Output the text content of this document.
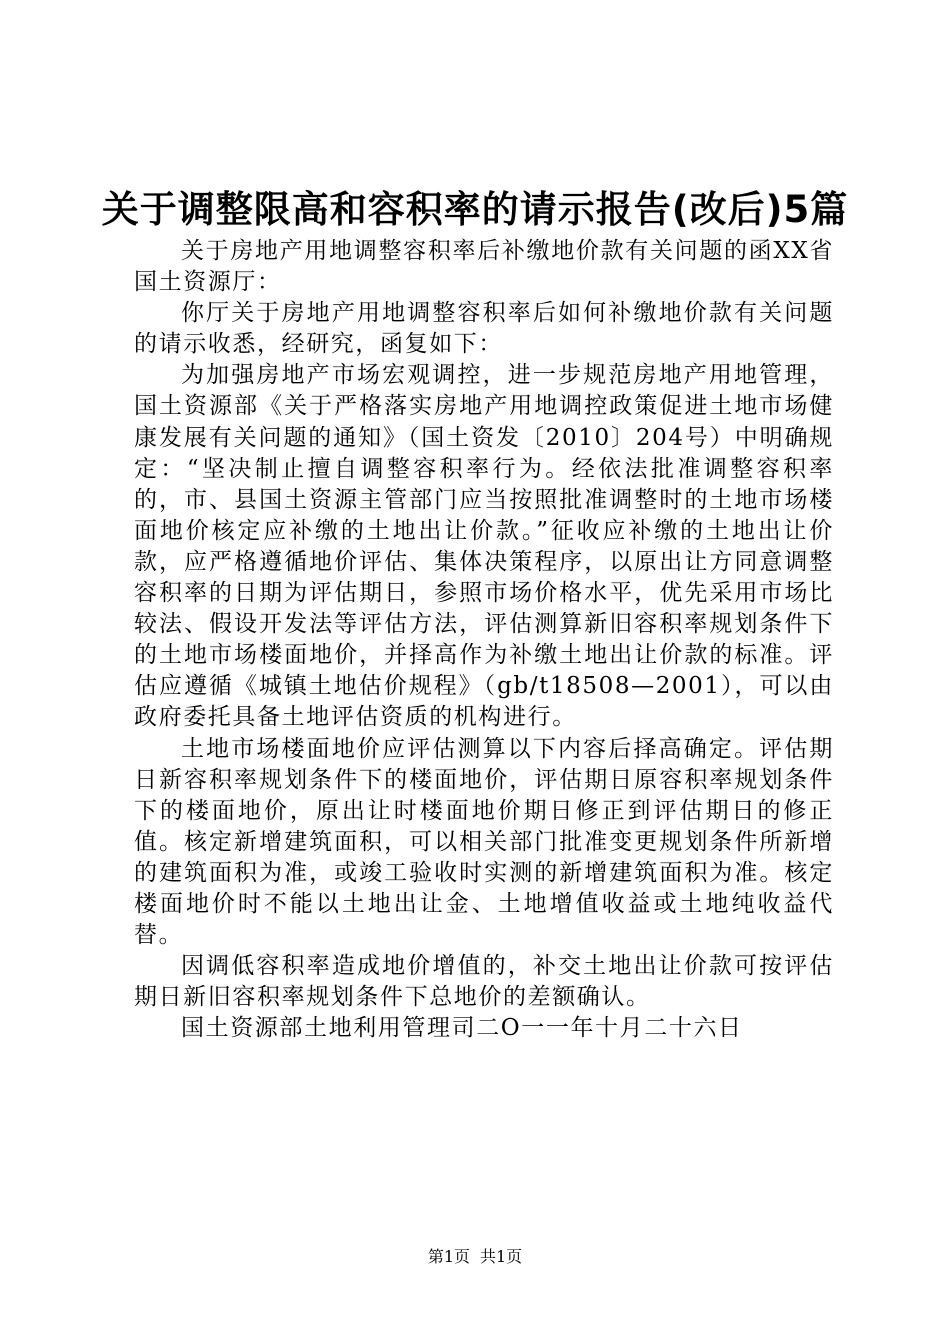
关于调整限高和容积率的请示报告(改后)5篇

关于房地产用地调整容积率后补缴地价款有关问题的函XX省国土资源厅：

你厅关于房地产用地调整容积率后如何补缴地价款有关问题的请示收悉，经研究，函复如下：

为加强房地产市场宏观调控，进一步规范房地产用地管理，国土资源部《关于严格落实房地产用地调控政策促进土地市场健康发展有关问题的通知》（国土资发〔2010〕204号）中明确规定：“坚决制止擅自调整容积率行为。经依法批准调整容积率的，市、县国土资源主管部门应当按照批准调整时的土地市场楼面地价核定应补缴的土地出让价款。”征收应补缴的土地出让价款，应严格遵循地价评估、集体决策程序，以原出让方同意调整容积率的日期为评估期日，参照市场价格水平，优先采用市场比较法、假设开发法等评估方法，评估测算新旧容积率规划条件下的土地市场楼面地价，并择高作为补缴土地出让价款的标准。评估应遵循《城镇土地估价规程》（gb/t18508—2001），可以由政府委托具备土地评估资质的机构进行。

土地市场楼面地价应评估测算以下内容后择高确定。评估期日新容积率规划条件下的楼面地价，评估期日原容积率规划条件下的楼面地价，原出让时楼面地价期日修正到评估期日的修正值。核定新增建筑面积，可以相关部门批准变更规划条件所新增的建筑面积为准，或竣工验收时实测的新增建筑面积为准。核定楼面地价时不能以土地出让金、土地增值收益或土地纯收益代替。

因调低容积率造成地价增值的，补交土地出让价款可按评估期日新旧容积率规划条件下总地价的差额确认。

国土资源部土地利用管理司二O一一年十月二十六日

第1页 共1页
